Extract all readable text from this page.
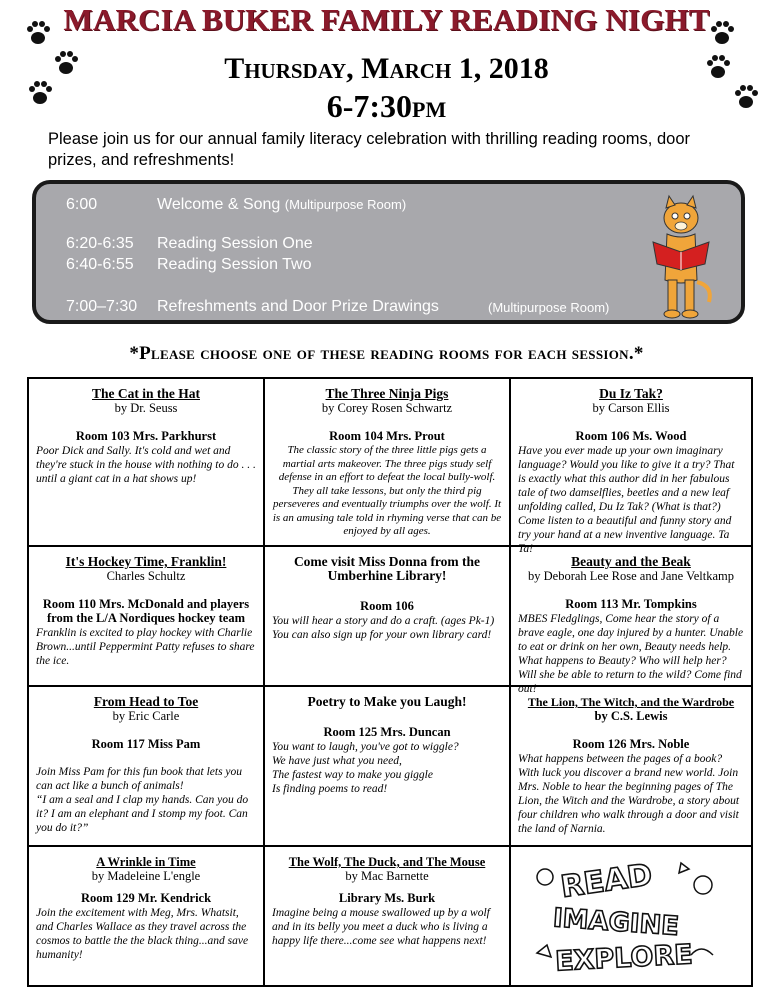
MARCIA BUKER FAMILY READING NIGHT
Thursday, March 1, 2018
6-7:30pm
Please join us for our annual family literacy celebration with thrilling reading rooms, door prizes, and refreshments!
6:00	Welcome & Song (Multipurpose Room)
6:20-6:35 Reading Session One
6:40-6:55 Reading Session Two
7:00–7:30 Refreshments and Door Prize Drawings	(Multipurpose Room)
*Please choose one of these reading rooms for each session.*
The Cat in the Hat
by Dr. Seuss
Room 103 Mrs. Parkhurst
Poor Dick and Sally. It's cold and wet and they're stuck in the house with nothing to do . . . until a giant cat in a hat shows up!
The Three Ninja Pigs
by Corey Rosen Schwartz
Room 104 Mrs. Prout
The classic story of the three little pigs gets a martial arts makeover. The three pigs study self defense in an effort to defeat the local bully-wolf. They all take lessons, but only the third pig perseveres and eventually triumphs over the wolf. It is an amusing tale told in rhyming verse that can be enjoyed by all ages.
Du Iz Tak?
by Carson Ellis
Room 106 Ms. Wood
Have you ever made up your own imaginary language? Would you like to give it a try? That is exactly what this author did in her fabulous tale of two damselflies, beetles and a new leaf unfolding called, Du Iz Tak? (What is that?) Come listen to a beautiful and funny story and try your hand at a new inventive language. Ta Ta!
It's Hockey Time, Franklin!
Charles Schultz
Room 110 Mrs. McDonald and players from the L/A Nordiques hockey team
Franklin is excited to play hockey with Charlie Brown...until Peppermint Patty refuses to share the ice.
Come visit Miss Donna from the Umberhine Library!
Room 106
You will hear a story and do a craft. (ages Pk-1)
You can also sign up for your own library card!
Beauty and the Beak
by Deborah Lee Rose and Jane Veltkamp
Room 113 Mr. Tompkins
MBES Fledglings, Come hear the story of a brave eagle, one day injured by a hunter. Unable to eat or drink on her own, Beauty needs help. What happens to Beauty? Who will help her? Will she be able to return to the wild? Come find out!
From Head to Toe
by Eric Carle
Room 117 Miss Pam
Join Miss Pam for this fun book that lets you can act like a bunch of animals!
“I am a seal and I clap my hands. Can you do it? I am an elephant and I stomp my foot. Can you do it?”
Poetry to Make you Laugh!
Room 125 Mrs. Duncan
You want to laugh, you've got to wiggle?
We have just what you need,
The fastest way to make you giggle
Is finding poems to read!
The Lion, The Witch, and the Wardrobe
by C.S. Lewis
Room 126 Mrs. Noble
What happens between the pages of a book? With luck you discover a brand new world. Join Mrs. Noble to hear the beginning pages of The Lion, the Witch and the Wardrobe, a story about four children who walk through a door and visit the land of Narnia.
A Wrinkle in Time
by Madeleine L'engle
Room 129 Mr. Kendrick
Join the excitement with Meg, Mrs. Whatsit, and Charles Wallace as they travel across the cosmos to battle the the black thing...and save humanity!
The Wolf, The Duck, and The Mouse
by Mac Barnette
Library Ms. Burk
Imagine being a mouse swallowed up by a wolf and in its belly you meet a duck who is living a happy life there...come see what happens next!
READ
IMAGINE
EXPLORE
